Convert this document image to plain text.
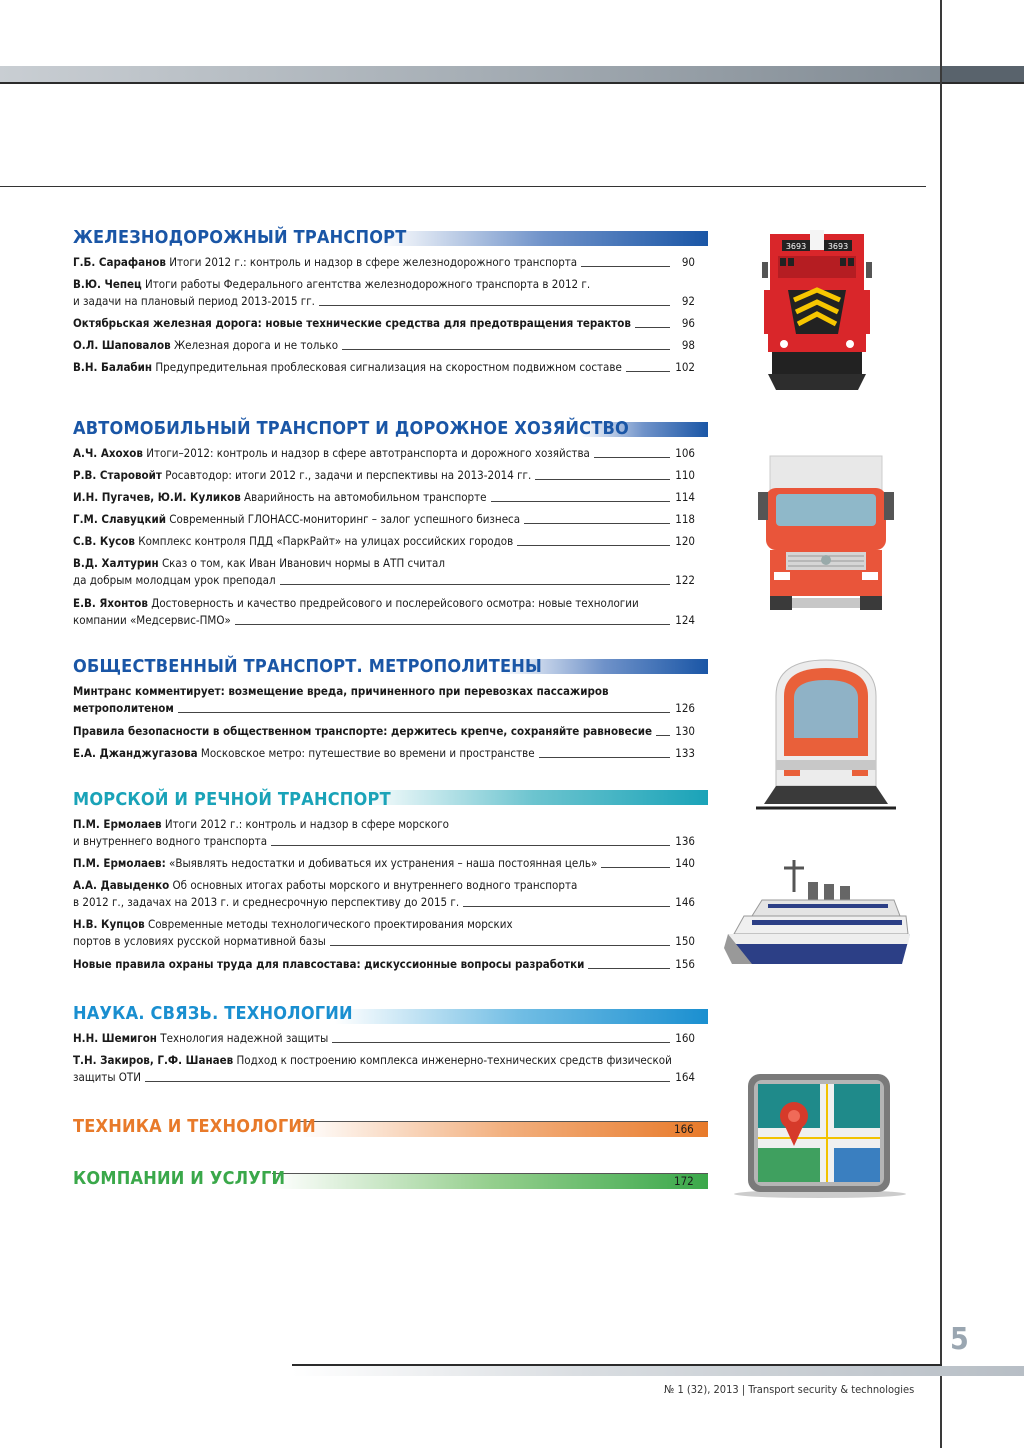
ЖЕЛЕЗНОДОРОЖНЫЙ ТРАНСПОРТ
Г.Б. Сарафанов Итоги 2012 г.: контроль и надзор в сфере железнодорожного транспорта	90
В.Ю. Чепец Итоги работы Федерального агентства железнодорожного транспорта в 2012 г.
и задачи на плановый период 2013-2015 гг.	92
Октябрьская железная дорога: новые технические средства для предотвращения терактов	96
О.Л. Шаповалов Железная дорога и не только	98
В.Н. Балабин Предупредительная проблесковая сигнализация на скоростном подвижном составе	102
АВТОМОБИЛЬНЫЙ ТРАНСПОРТ И ДОРОЖНОЕ ХОЗЯЙСТВО
А.Ч. Ахохов Итоги–2012: контроль и надзор в сфере автотранспорта и дорожного хозяйства	106
Р.В. Старовойт Росавтодор: итоги 2012 г., задачи и перспективы на 2013-2014 гг.	110
И.Н. Пугачев, Ю.И. Куликов Аварийность на автомобильном транспорте	114
Г.М. Славуцкий Современный ГЛОНАСС-мониторинг – залог успешного бизнеса	118
С.В. Кусов Комплекс контроля ПДД «ПаркРайт» на улицах российских городов	120
В.Д. Халтурин Сказ о том, как Иван Иванович нормы в АТП считал
да добрым молодцам урок преподал	122
Е.В. Яхонтов Достоверность и качество предрейсового и послерейсового осмотра: новые технологии
компании «Медсервис-ПМО»	124
ОБЩЕСТВЕННЫЙ ТРАНСПОРТ. МЕТРОПОЛИТЕНЫ
Минтранс комментирует: возмещение вреда, причиненного при перевозках пассажиров
метрополитеном	126
Правила безопасности в общественном транспорте: держитесь крепче, сохраняйте равновесие 130
Е.А. Джанджугазова Московское метро: путешествие во времени и пространстве	133
МОРСКОЙ И РЕЧНОЙ ТРАНСПОРТ
П.М. Ермолаев Итоги 2012 г.: контроль и надзор в сфере морского
и внутреннего водного транспорта	136
П.М. Ермолаев: «Выявлять недостатки и добиваться их устранения – наша постоянная цель»	140
А.А. Давыденко Об основных итогах работы морского и внутреннего водного транспорта
в 2012 г., задачах на 2013 г. и среднесрочную перспективу до 2015 г.	146
Н.В. Купцов Современные методы технологического проектирования морских
портов в условиях русской нормативной базы	150
Новые правила охраны труда для плавсостава: дискуссионные вопросы разработки	156
НАУКА. СВЯЗЬ. ТЕХНОЛОГИИ
Н.Н. Шемигон Технология надежной защиты	160
Т.Н. Закиров, Г.Ф. Шанаев Подход к построению комплекса инженерно-технических средств физической
защиты ОТИ	164
ТЕХНИКА И ТЕХНОЛОГИИ	166
КОМПАНИИ И УСЛУГИ	172
3693	3693
5
№ 1 (32), 2013 | Transport security & technologies
